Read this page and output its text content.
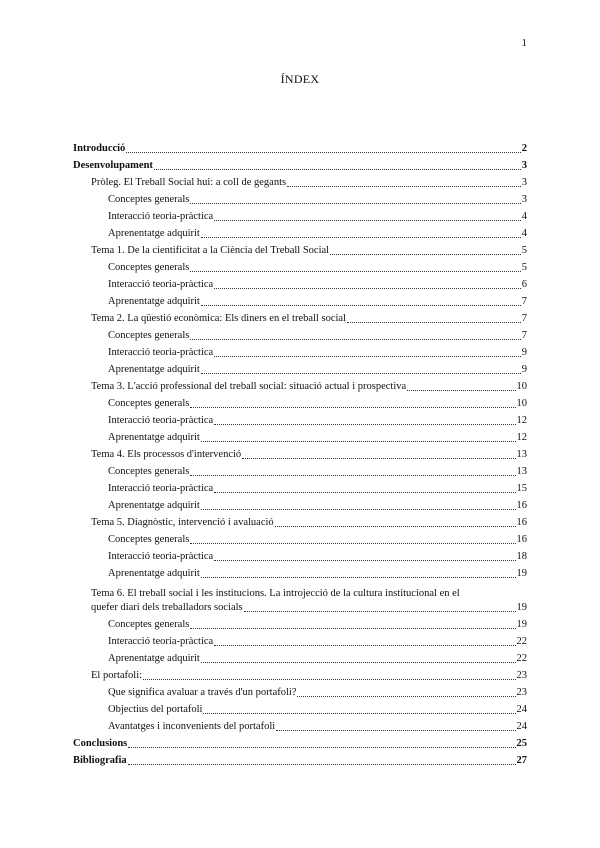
1
ÍNDEX
Introducció	2
Desenvolupament	3
Pròleg. El Treball Social hui: a coll de gegants	3
Conceptes generals	3
Interacció teoria-pràctica	4
Aprenentatge adquirit	4
Tema 1. De la cientificitat a la Ciència del Treball Social	5
Conceptes generals	5
Interacció teoria-pràctica	6
Aprenentatge adquirit	7
Tema 2. La qüestió econòmica: Els diners en el treball social	7
Conceptes generals	7
Interacció teoria-pràctica	9
Aprenentatge adquirit	9
Tema 3. L'acció professional del treball social: situació actual i prospectiva	10
Conceptes generals	10
Interacció teoria-pràctica	12
Aprenentatge adquirit	12
Tema 4. Els processos d'intervenció	13
Conceptes generals	13
Interacció teoria-pràctica	15
Aprenentatge adquirit	16
Tema 5. Diagnòstic, intervenció i avaluació	16
Conceptes generals	16
Interacció teoria-pràctica	18
Aprenentatge adquirit	19
Tema 6. El treball social i les institucions. La introjecció de la cultura institucional en el
quefer diari dels treballadors socials	19
Conceptes generals	19
Interacció teoria-pràctica	22
Aprenentatge adquirit	22
El portafoli:	23
Que significa avaluar a través d'un portafoli?	23
Objectius del portafoli	24
Avantatges i inconvenients del portafoli	24
Conclusions	25
Bibliografia	27
